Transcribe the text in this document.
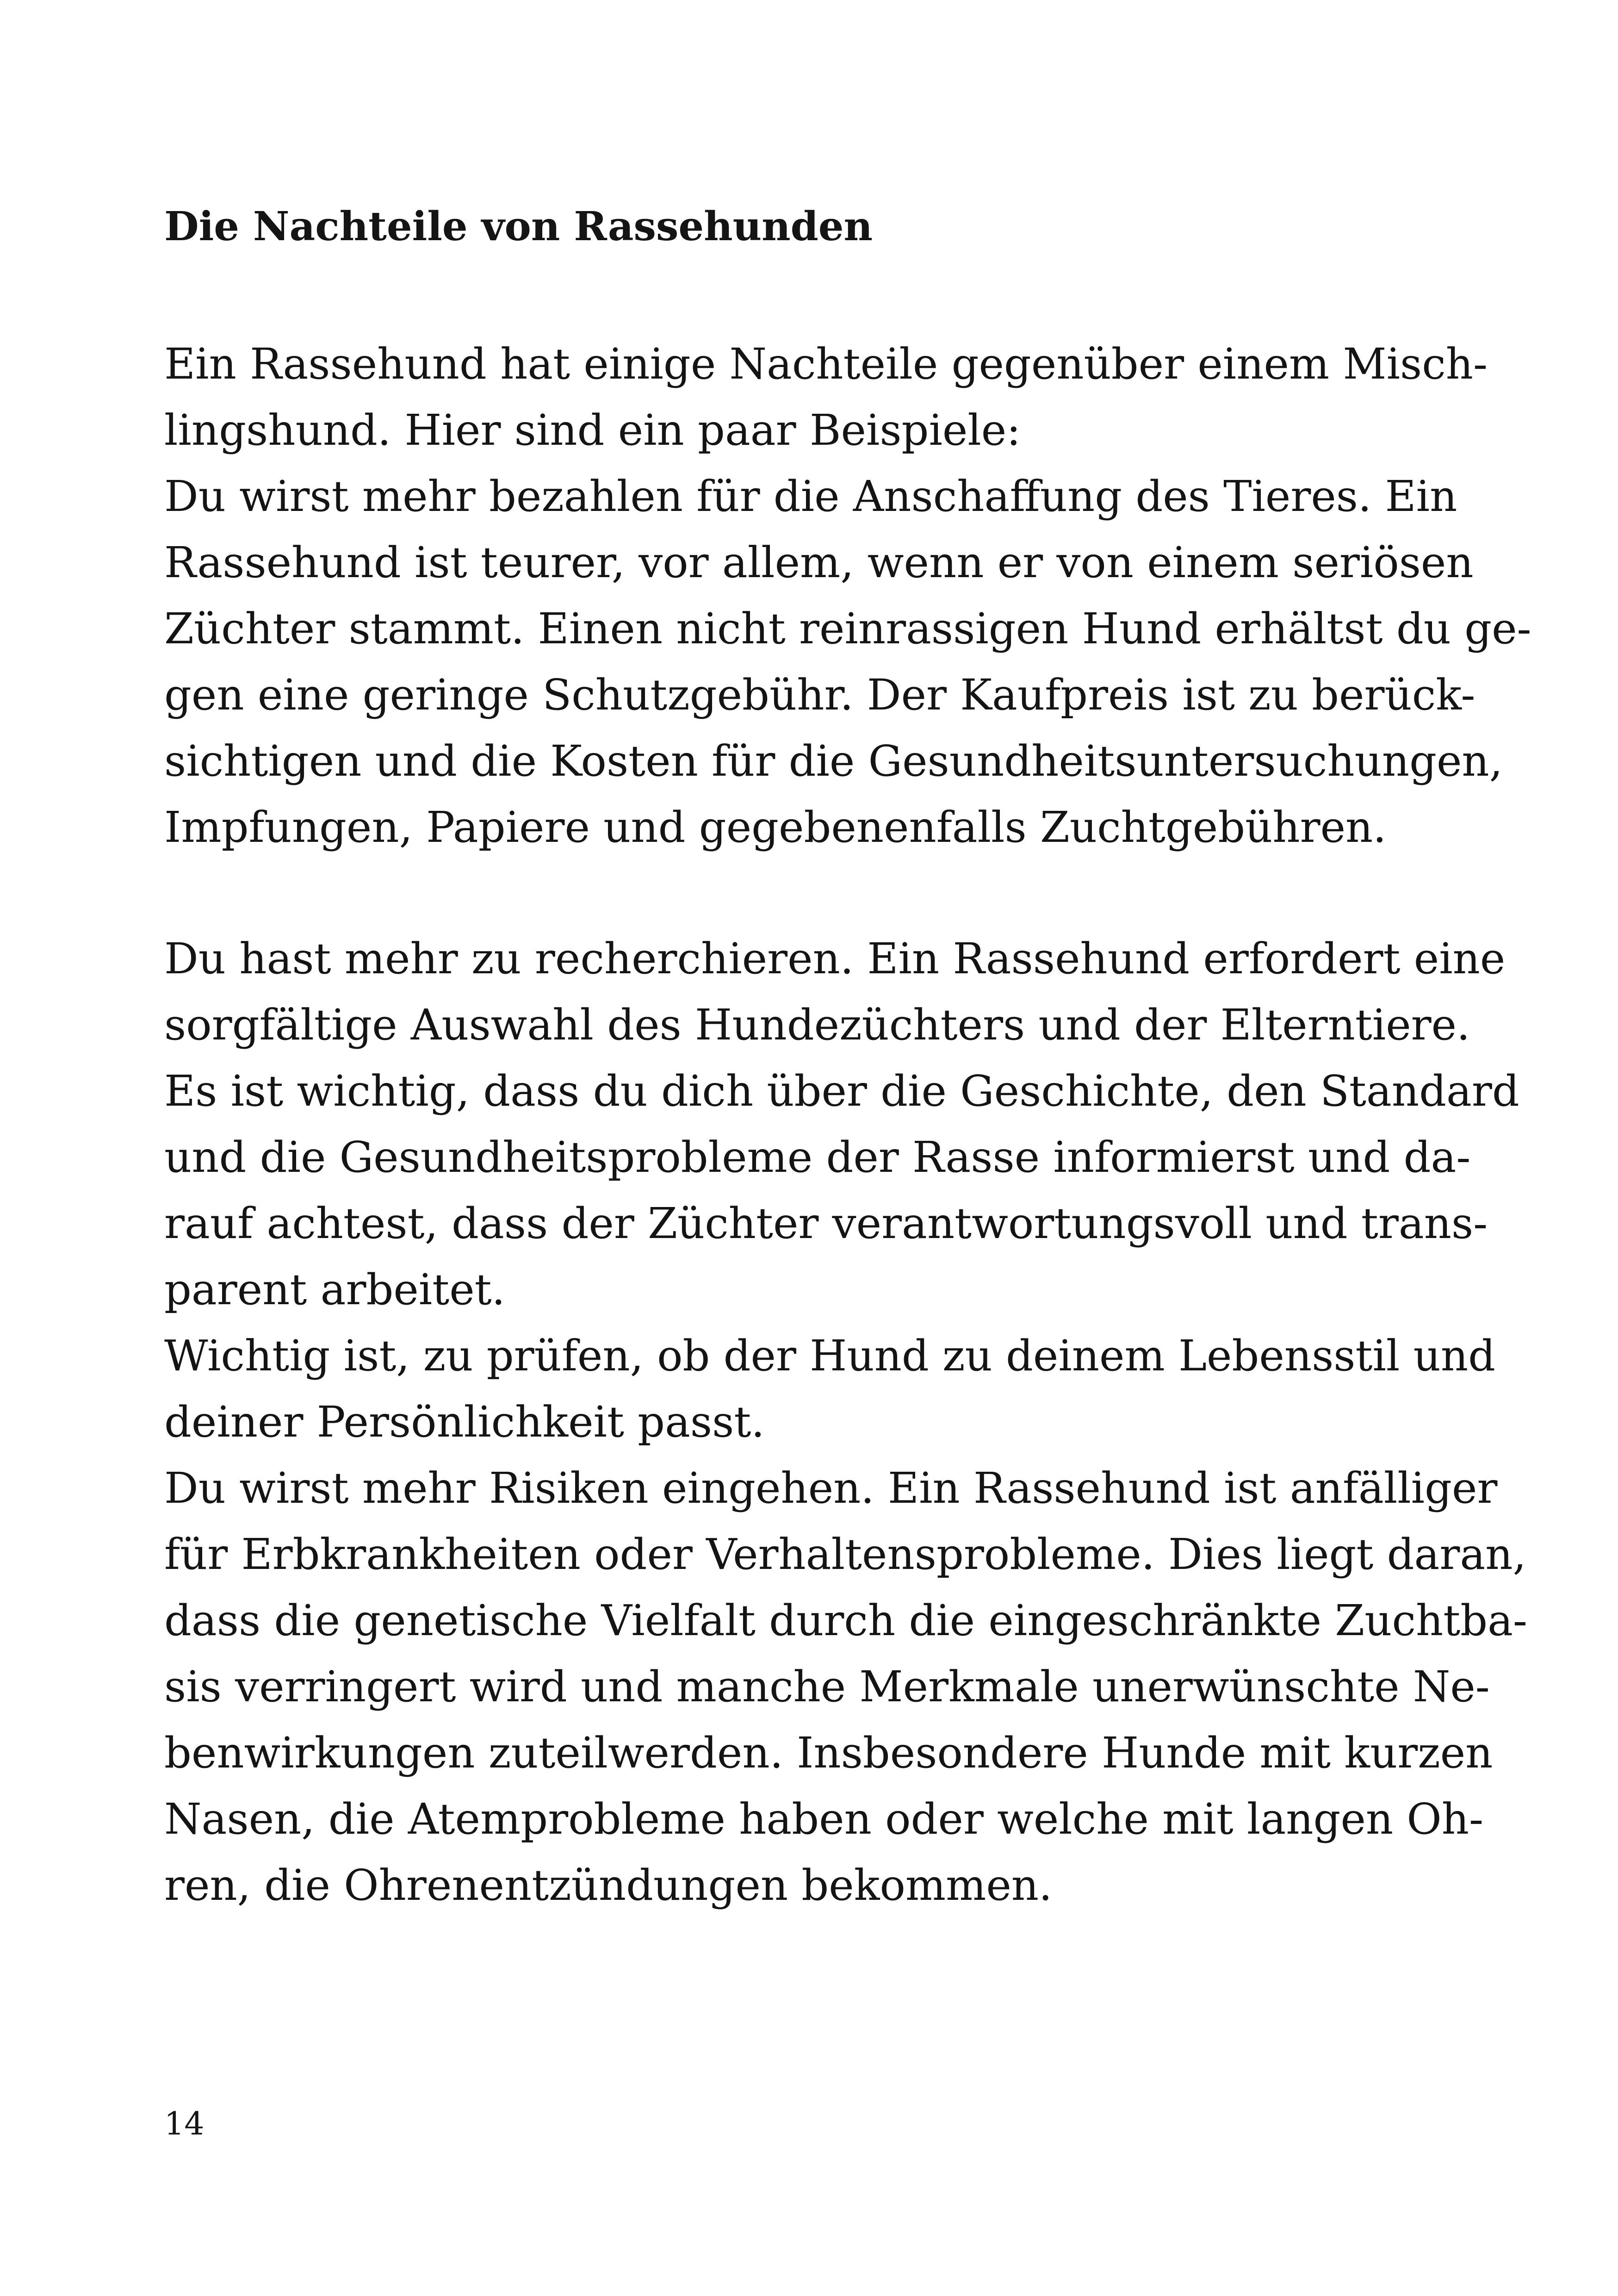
Die Nachteile von Rassehunden

Ein Rassehund hat einige Nachteile gegenüber einem Misch-

lingshund. Hier sind ein paar Beispiele:

Du wirst mehr bezahlen für die Anschaffung des Tieres. Ein

Rassehund ist teurer, vor allem, wenn er von einem seriösen

Züchter stammt. Einen nicht reinrassigen Hund erhältst du ge-

gen eine geringe Schutzgebühr. Der Kaufpreis ist zu berück-

sichtigen und die Kosten für die Gesundheitsuntersuchungen,

Impfungen, Papiere und gegebenenfalls Zuchtgebühren.

Du hast mehr zu recherchieren. Ein Rassehund erfordert eine

sorgfältige Auswahl des Hundezüchters und der Elterntiere.

Es ist wichtig, dass du dich über die Geschichte, den Standard

und die Gesundheitsprobleme der Rasse informierst und da-

rauf achtest, dass der Züchter verantwortungsvoll und trans-

parent arbeitet.

Wichtig ist, zu prüfen, ob der Hund zu deinem Lebensstil und

deiner Persönlichkeit passt.

Du wirst mehr Risiken eingehen. Ein Rassehund ist anfälliger

für Erbkrankheiten oder Verhaltensprobleme. Dies liegt daran,

dass die genetische Vielfalt durch die eingeschränkte Zuchtba-

sis verringert wird und manche Merkmale unerwünschte Ne-

benwirkungen zuteilwerden. Insbesondere Hunde mit kurzen

Nasen, die Atemprobleme haben oder welche mit langen Oh-

ren, die Ohrenentzündungen bekommen.

14
